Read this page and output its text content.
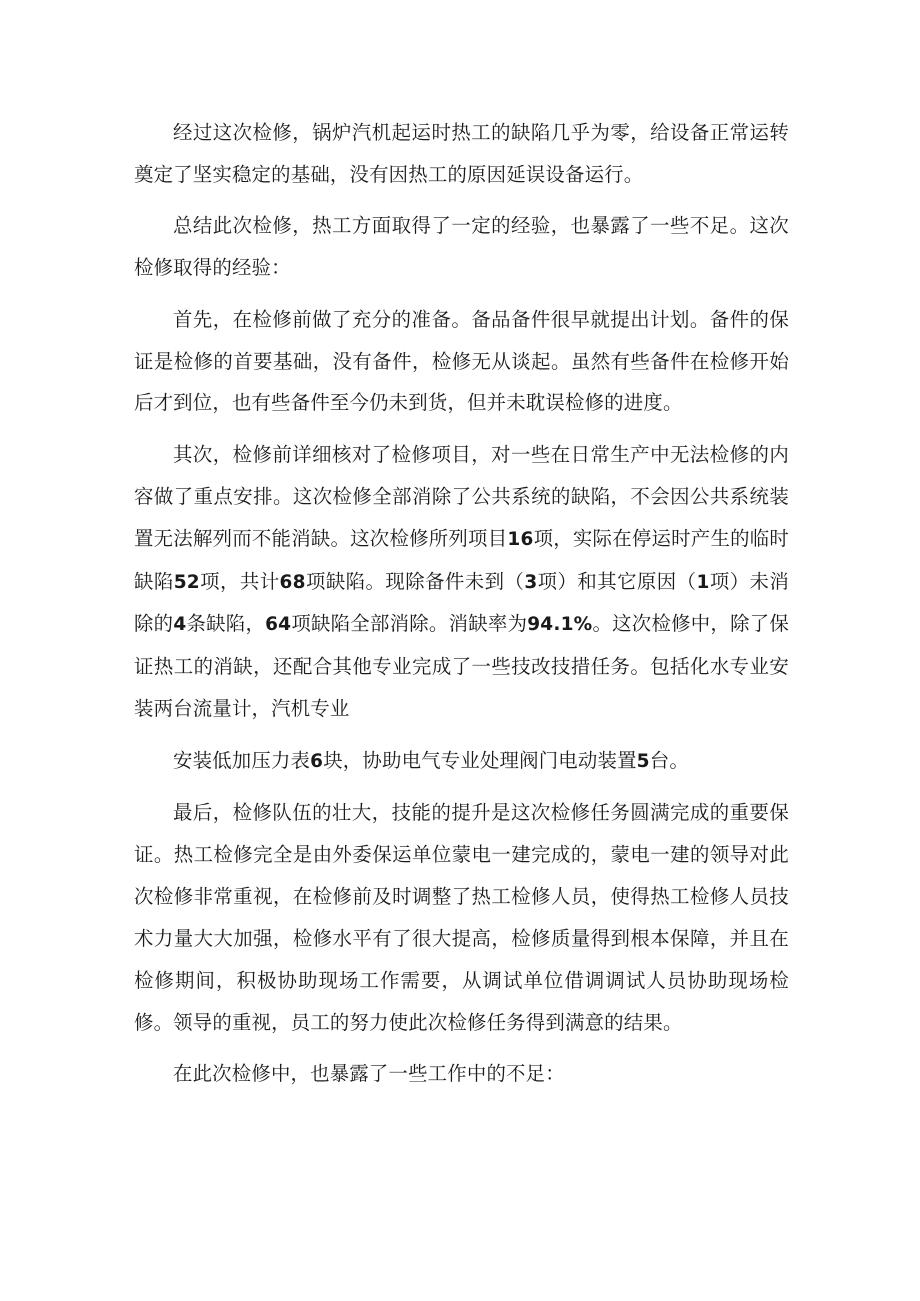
经过这次检修，锅炉汽机起运时热工的缺陷几乎为零，给设备正常运转奠定了坚实稳定的基础，没有因热工的原因延误设备运行。

总结此次检修，热工方面取得了一定的经验，也暴露了一些不足。这次检修取得的经验：

首先，在检修前做了充分的准备。备品备件很早就提出计划。备件的保证是检修的首要基础，没有备件，检修无从谈起。虽然有些备件在检修开始后才到位，也有些备件至今仍未到货，但并未耽误检修的进度。

其次，检修前详细核对了检修项目，对一些在日常生产中无法检修的内容做了重点安排。这次检修全部消除了公共系统的缺陷，不会因公共系统装置无法解列而不能消缺。这次检修所列项目16项，实际在停运时产生的临时缺陷52项，共计68项缺陷。现除备件未到（3项）和其它原因（1项）未消除的4条缺陷，64项缺陷全部消除。消缺率为94.1%。这次检修中，除了保证热工的消缺，还配合其他专业完成了一些技改技措任务。包括化水专业安装两台流量计，汽机专业

安装低加压力表6块，协助电气专业处理阀门电动装置5台。

最后，检修队伍的壮大，技能的提升是这次检修任务圆满完成的重要保证。热工检修完全是由外委保运单位蒙电一建完成的，蒙电一建的领导对此次检修非常重视，在检修前及时调整了热工检修人员，使得热工检修人员技术力量大大加强，检修水平有了很大提高，检修质量得到根本保障，并且在检修期间，积极协助现场工作需要，从调试单位借调调试人员协助现场检修。领导的重视，员工的努力使此次检修任务得到满意的结果。

在此次检修中，也暴露了一些工作中的不足：
